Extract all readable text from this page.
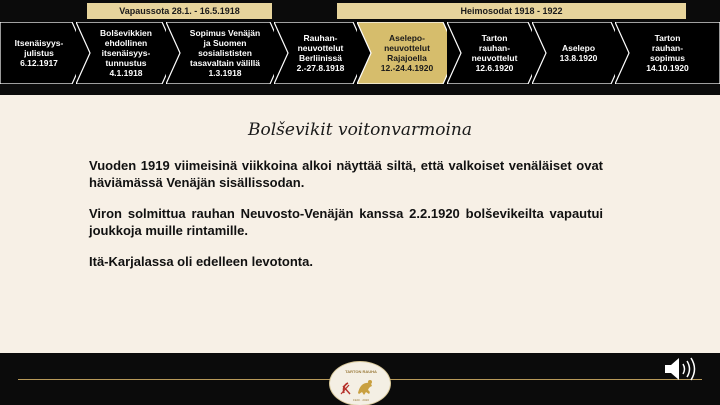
Vapaussota 28.1. - 16.5.1918	Heimosodat 1918 - 1922
Itsenäisyys-
julistus
6.12.1917
Bolševikkien
ehdollinen
itsenäisyys-
tunnustus
4.1.1918
Sopimus Venäjän
ja Suomen
sosialististen
tasavaltain välillä
1.3.1918
Rauhan-
neuvottelut
Berliinissä
2.-27.8.1918
Aselepo-
neuvottelut
Rajajoella
12.-24.4.1920
Tarton
rauhan-
neuvottelut
12.6.1920
Aselepo
13.8.1920
Tarton
rauhan-
sopimus
14.10.1920
Bolševikit voitonvarmoina

Vuoden 1919 viimeisinä viikkoina alkoi näyttää siltä, että valkoiset venäläiset ovat häviämässä Venäjän sisällissodan.

Viron solmittua rauhan Neuvosto-Venäjän kanssa 2.2.1920 bolševikeilta vapautui joukkoja muille rintamille.

Itä-Karjalassa oli edelleen levotonta.

TARTON RAUHA
1920 · 2020
